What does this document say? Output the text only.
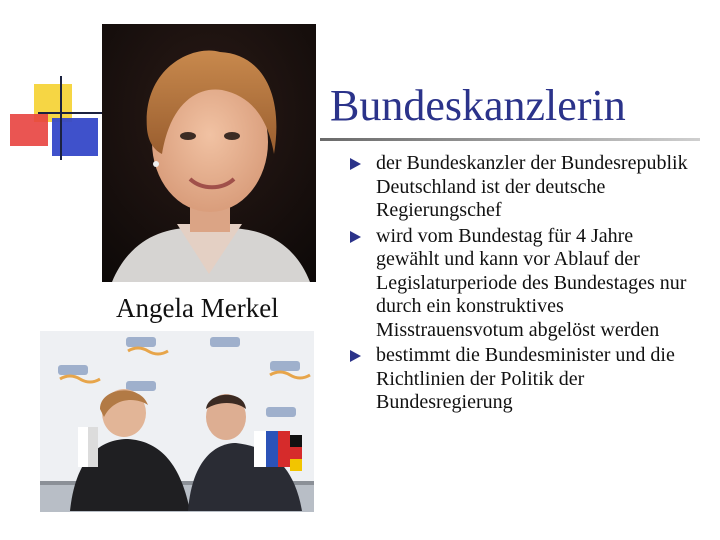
Angela Merkel
Bundeskanzlerin
der Bundeskanzler der Bundesrepublik Deutschland ist der deutsche Regierungschef
wird vom Bundestag für 4 Jahre gewählt und kann vor Ablauf der Legislaturperiode des Bundestages nur durch ein konstruktives Misstrauensvotum abgelöst werden
bestimmt die Bundesminister und die Richtlinien der Politik der Bundesregierung
